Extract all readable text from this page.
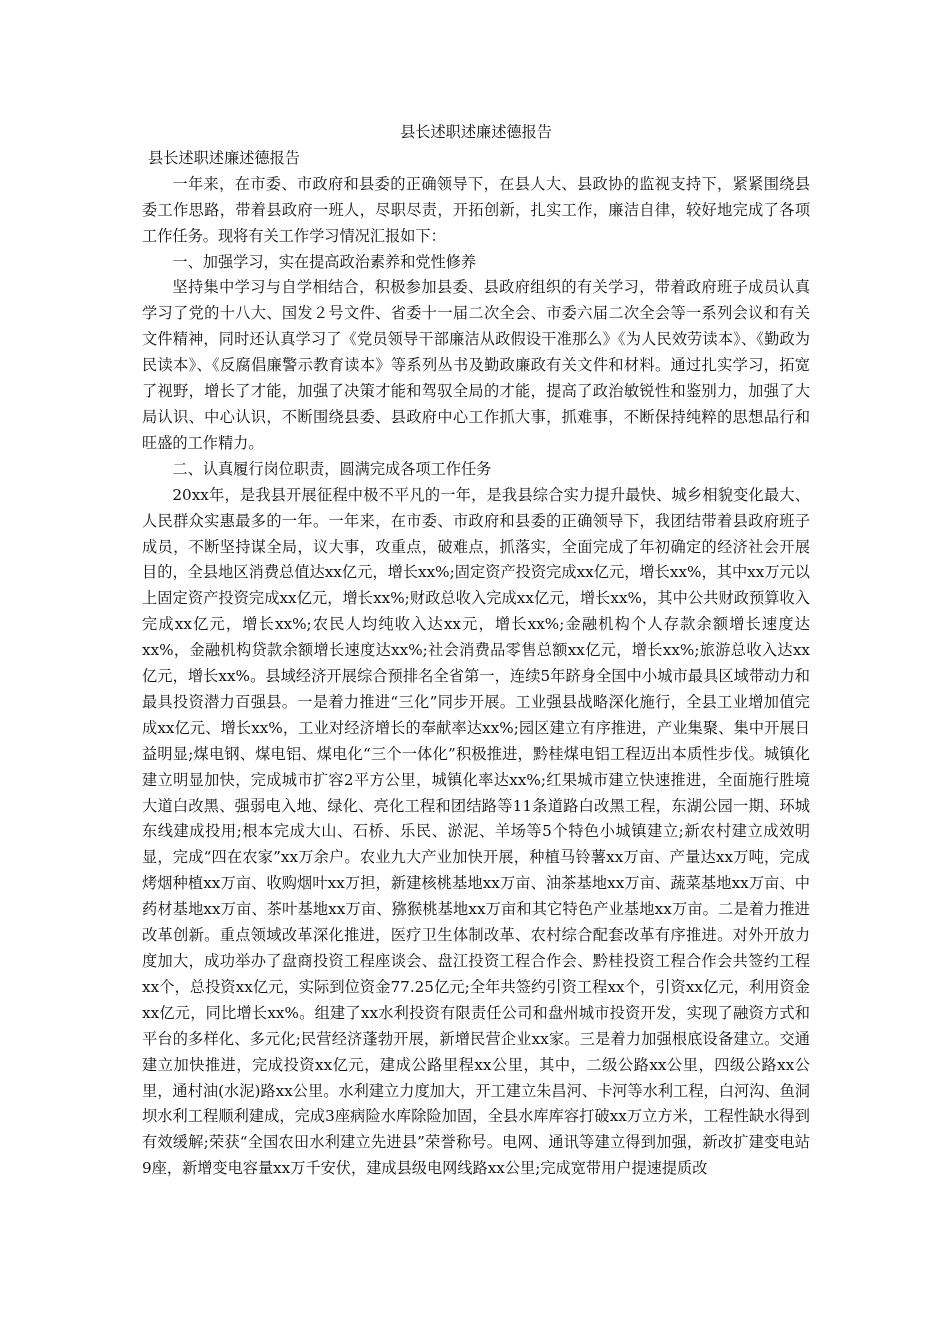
县长述职述廉述德报告

县长述职述廉述德报告

一年来，在市委、市政府和县委的正确领导下，在县人大、县政协的监视支持下，紧紧围绕县委工作思路，带着县政府一班人，尽职尽责，开拓创新，扎实工作，廉洁自律，较好地完成了各项工作任务。现将有关工作学习情况汇报如下：

一、加强学习，实在提高政治素养和党性修养

坚持集中学习与自学相结合，积极参加县委、县政府组织的有关学习，带着政府班子成员认真学习了党的十八大、国发２号文件、省委十一届二次全会、市委六届二次全会等一系列会议和有关文件精神，同时还认真学习了《党员领导干部廉洁从政假设干准那么》《为人民效劳读本》、《勤政为民读本》、《反腐倡廉警示教育读本》等系列丛书及勤政廉政有关文件和材料。通过扎实学习，拓宽了视野，增长了才能，加强了决策才能和驾驭全局的才能，提高了政治敏锐性和鉴别力，加强了大局认识、中心认识，不断围绕县委、县政府中心工作抓大事，抓难事，不断保持纯粹的思想品行和旺盛的工作精力。

二、认真履行岗位职责，圆满完成各项工作任务

20xx年，是我县开展征程中极不平凡的一年，是我县综合实力提升最快、城乡相貌变化最大、人民群众实惠最多的一年。一年来，在市委、市政府和县委的正确领导下，我团结带着县政府班子成员，不断坚持谋全局，议大事，攻重点，破难点，抓落实，全面完成了年初确定的经济社会开展目的，全县地区消费总值达xx亿元，增长xx%;固定资产投资完成xx亿元，增长xx%，其中xx万元以上固定资产投资完成xx亿元，增长xx%;财政总收入完成xx亿元，增长xx%，其中公共财政预算收入完成xx亿元，增长xx%;农民人均纯收入达xx元，增长xx%;金融机构个人存款余额增长速度达xx%，金融机构贷款余额增长速度达xx%;社会消费品零售总额xx亿元，增长xx%;旅游总收入达xx亿元，增长xx%。县域经济开展综合预排名全省第一，连续5年跻身全国中小城市最具区域带动力和最具投资潜力百强县。一是着力推进“三化”同步开展。工业强县战略深化施行，全县工业增加值完成xx亿元、增长xx%，工业对经济增长的奉献率达xx%;园区建立有序推进，产业集聚、集中开展日益明显;煤电钢、煤电铝、煤电化“三个一体化”积极推进，黔桂煤电铝工程迈出本质性步伐。城镇化建立明显加快，完成城市扩容2平方公里，城镇化率达xx%;红果城市建立快速推进，全面施行胜境大道白改黑、强弱电入地、绿化、亮化工程和团结路等11条道路白改黑工程，东湖公园一期、环城东线建成投用;根本完成大山、石桥、乐民、淤泥、羊场等5个特色小城镇建立;新农村建立成效明显，完成“四在农家”xx万余户。农业九大产业加快开展，种植马铃薯xx万亩、产量达xx万吨，完成烤烟种植xx万亩、收购烟叶xx万担，新建核桃基地xx万亩、油茶基地xx万亩、蔬菜基地xx万亩、中药材基地xx万亩、茶叶基地xx万亩、猕猴桃基地xx万亩和其它特色产业基地xx万亩。二是着力推进改革创新。重点领域改革深化推进，医疗卫生体制改革、农村综合配套改革有序推进。对外开放力度加大，成功举办了盘商投资工程座谈会、盘江投资工程合作会、黔桂投资工程合作会共签约工程xx个，总投资xx亿元，实际到位资金77.25亿元;全年共签约引资工程xx个，引资xx亿元，利用资金xx亿元，同比增长xx%。组建了xx水利投资有限责任公司和盘州城市投资开发，实现了融资方式和平台的多样化、多元化;民营经济蓬勃开展，新增民营企业xx家。三是着力加强根底设备建立。交通建立加快推进，完成投资xx亿元，建成公路里程xx公里，其中，二级公路xx公里，四级公路xx公里，通村油(水泥)路xx公里。水利建立力度加大，开工建立朱昌河、卡河等水利工程，白河沟、鱼洞坝水利工程顺利建成，完成3座病险水库除险加固，全县水库库容打破xx万立方米，工程性缺水得到有效缓解;荣获“全国农田水利建立先进县”荣誉称号。电网、通讯等建立得到加强，新改扩建变电站9座，新增变电容量xx万千安伏，建成县级电网线路xx公里;完成宽带用户提速提质改
